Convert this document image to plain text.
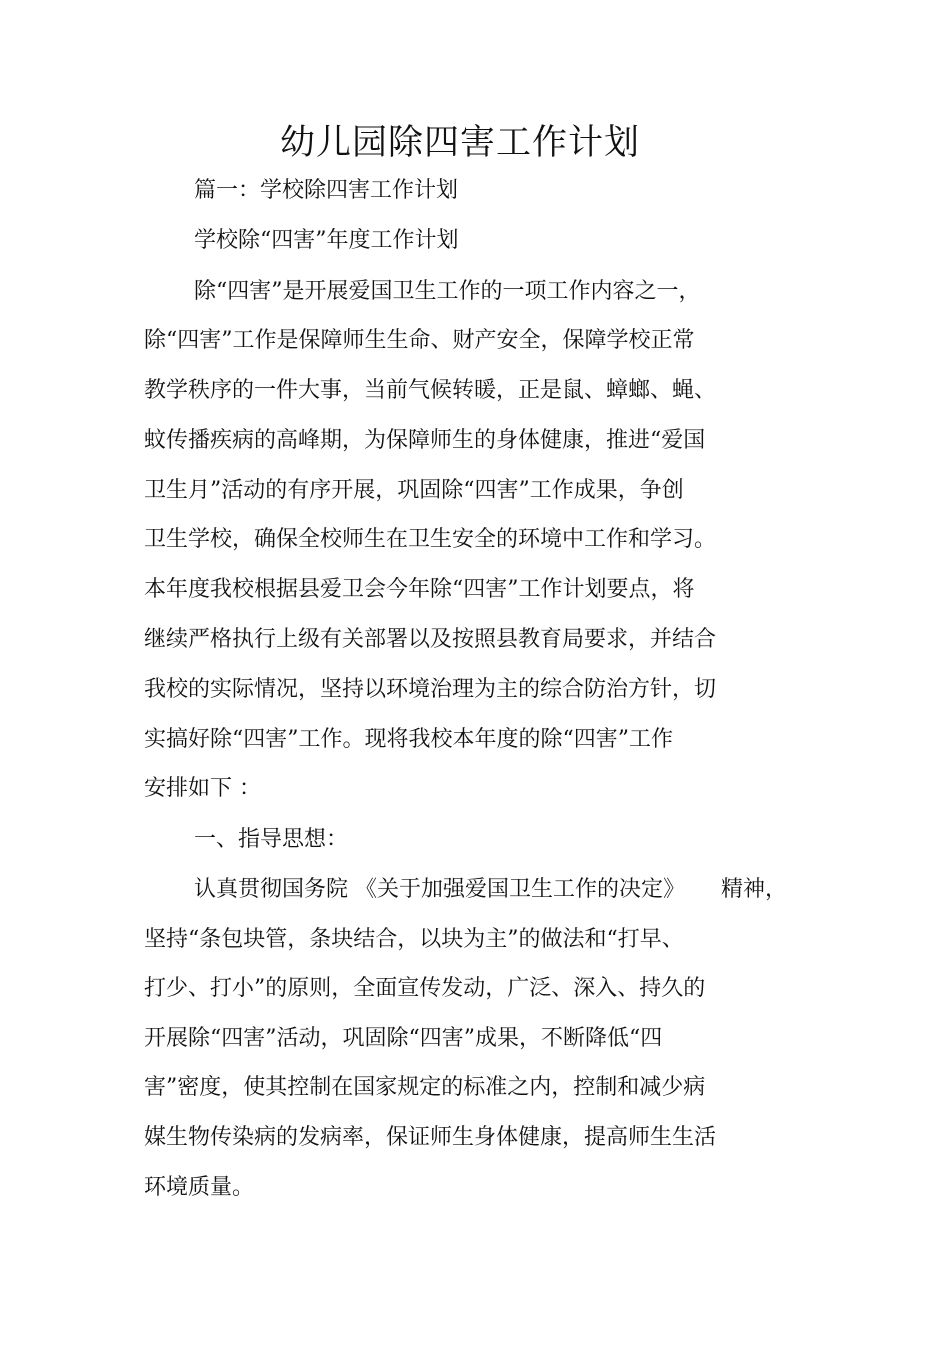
幼儿园除四害工作计划
篇一：学校除四害工作计划
学校除“四害”年度工作计划
除“四害”是开展爱国卫生工作的一项工作内容之一，
除“四害”工作是保障师生生命、财产安全，保障学校正常
教学秩序的一件大事，当前气候转暖，正是鼠、蟑螂、蝇、
蚊传播疾病的高峰期，为保障师生的身体健康，推进“爱国
卫生月”活动的有序开展，巩固除“四害”工作成果，争创
卫生学校，确保全校师生在卫生安全的环境中工作和学习。
本年度我校根据县爱卫会今年除“四害”工作计划要点，将
继续严格执行上级有关部署以及按照县教育局要求，并结合
我校的实际情况，坚持以环境治理为主的综合防治方针，切
实搞好除“四害”工作。现将我校本年度的除“四害”工作
安排如下 ：
一、指导思想：
认真贯彻国务院 《关于加强爱国卫生工作的决定》 精神，
坚持“条包块管，条块结合，以块为主”的做法和“打早、
打少、打小”的原则，全面宣传发动，广泛、深入、持久的
开展除“四害”活动，巩固除“四害”成果，不断降低“四
害”密度，使其控制在国家规定的标准之内，控制和减少病
媒生物传染病的发病率，保证师生身体健康，提高师生生活
环境质量。
